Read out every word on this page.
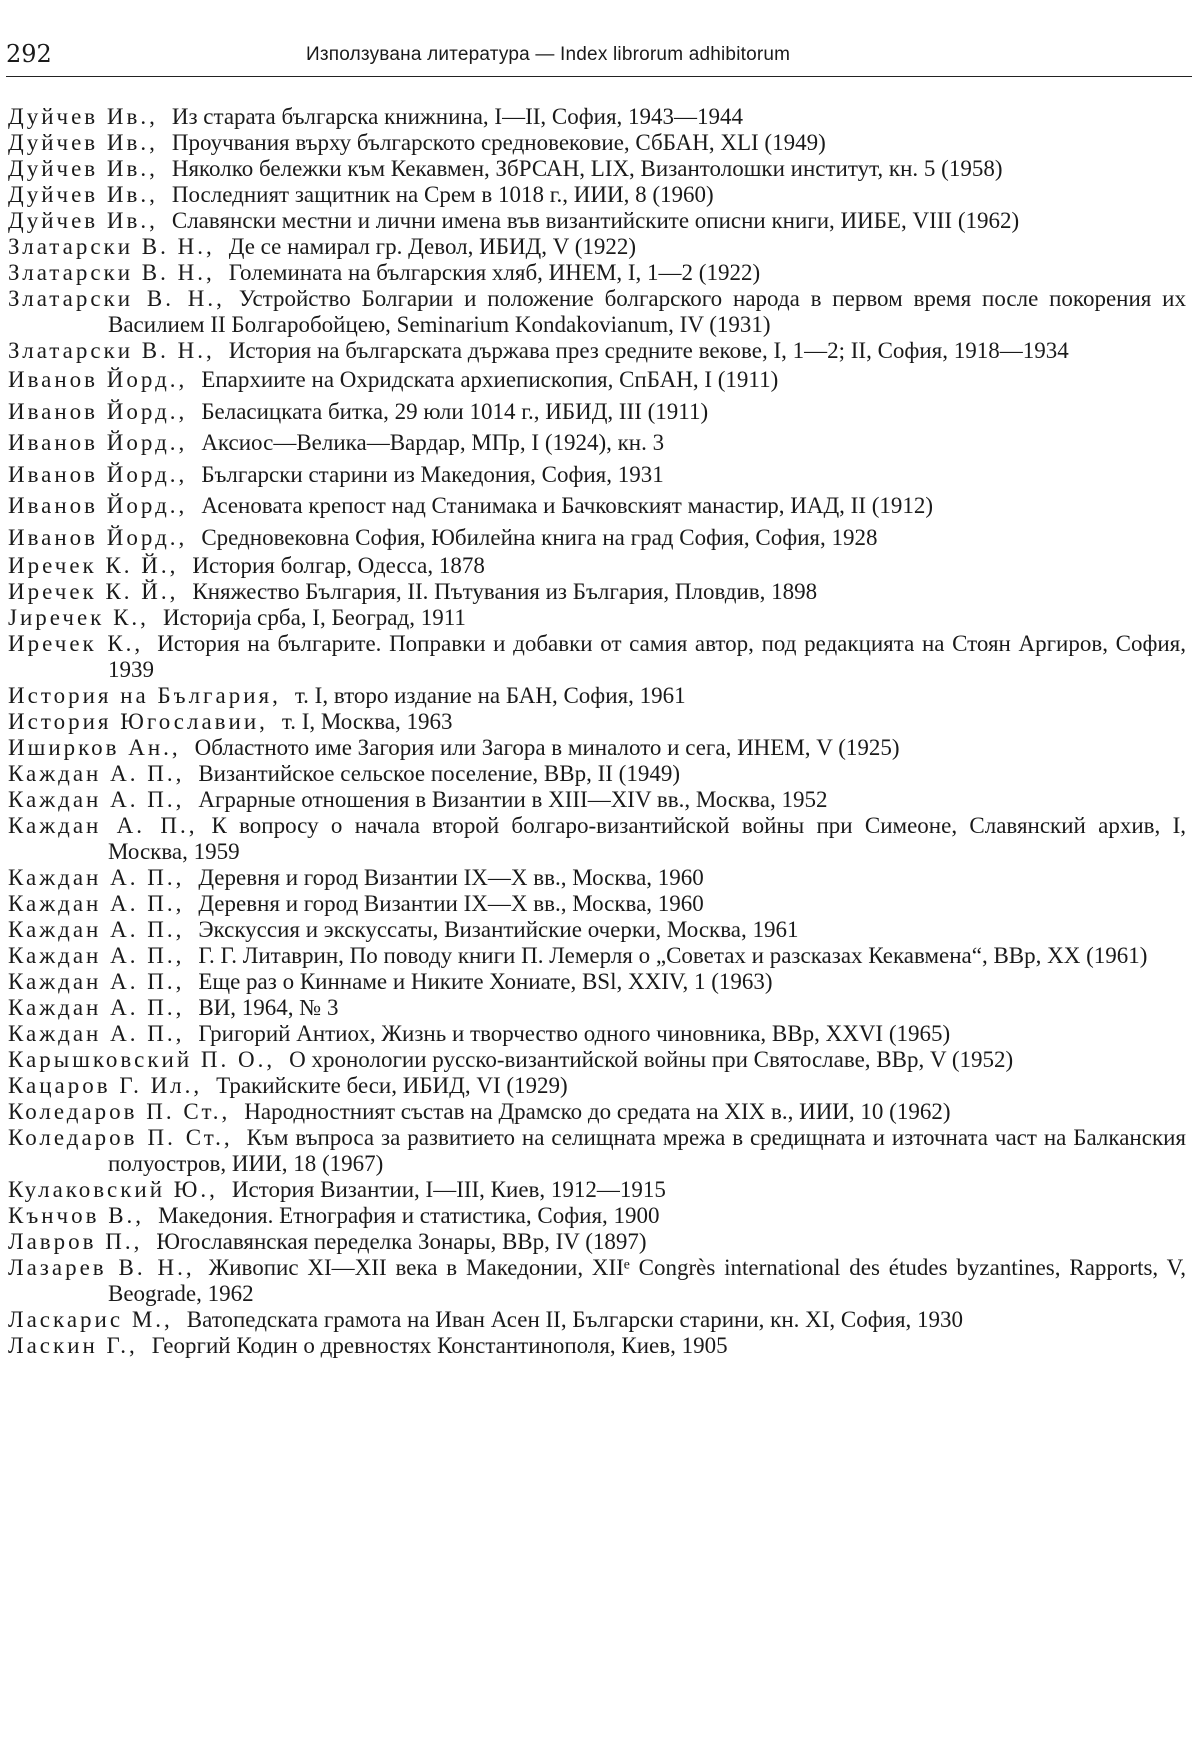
292	Използувана литература — Index librorum adhibitorum

Дуйчев Ив., Из старата българска книжнина, I—II, София, 1943—1944

Дуйчев Ив., Проучвания върху българското средновековие, СбБАН, XLI (1949)

Дуйчев Ив., Няколко бележки към Кекавмен, ЗбРСАН, LIX, Византолошки институт, кн. 5 (1958)

Дуйчев Ив., Последният защитник на Срем в 1018 г., ИИИ, 8 (1960)

Дуйчев Ив., Славянски местни и лични имена във византийските описни книги, ИИБЕ, VIII (1962)

Златарски В. Н., Де се намирал гр. Девол, ИБИД, V (1922)

Златарски В. Н., Големината на българския хляб, ИНЕМ, I, 1—2 (1922)

Златарски В. Н., Устройство Болгарии и положение болгарского народа в первом время после покорения их Василием II Болгаробойцею, Seminarium Kondakovianum, IV (1931)

Златарски В. Н., История на българската държава през средните векове, I, 1—2; II, София, 1918—1934

Иванов Йорд., Епархиите на Охридската архиепископия, СпБАН, I (1911)

Иванов Йорд., Беласицката битка, 29 юли 1014 г., ИБИД, III (1911)

Иванов Йорд., Аксиос—Велика—Вардар, МПр, I (1924), кн. 3

Иванов Йорд., Български старини из Македония, София, 1931

Иванов Йорд., Асеновата крепост над Станимака и Бачковският манастир, ИАД, II (1912)

Иванов Йорд., Средновековна София, Юбилейна книга на град София, София, 1928

Иречек К. Й., История болгар, Одесса, 1878

Иречек К. Й., Княжество България, II. Пътувания из България, Пловдив, 1898

Јиречек К., Историја срба, I, Београд, 1911

Иречек К., История на българите. Поправки и добавки от самия автор, под редакцията на Стоян Аргиров, София, 1939

История на България, т. I, второ издание на БАН, София, 1961

История Югославии, т. I, Москва, 1963

Иширков Ан., Областното име Загория или Загора в миналото и сега, ИНЕМ, V (1925)

Каждан А. П., Византийское сельское поселение, ВВр, II (1949)

Каждан А. П., Аграрные отношения в Византии в XIII—XIV вв., Москва, 1952

Каждан А. П., К вопросу о начала второй болгаро-византийской войны при Симеоне, Славянский архив, I, Москва, 1959

Каждан А. П., Деревня и город Византии IX—X вв., Москва, 1960

Каждан А. П., Деревня и город Византии IX—X вв., Москва, 1960

Каждан А. П., Экскуссия и экскуссаты, Византийские очерки, Москва, 1961

Каждан А. П., Г. Г. Литаврин, По поводу книги П. Лемерля о „Советах и разсказах Кекавмена“, ВВр, XX (1961)

Каждан А. П., Еще раз о Киннаме и Никите Хониате, BSl, XXIV, 1 (1963)

Каждан А. П., ВИ, 1964, № 3

Каждан А. П., Григорий Антиох, Жизнь и творчество одного чиновника, ВВр, XXVI (1965)

Карышковский П. О., О хронологии русско-византийской войны при Святославе, ВВр, V (1952)

Кацаров Г. Ил., Тракийските беси, ИБИД, VI (1929)

Коледаров П. Ст., Народностният състав на Драмско до средата на XIX в., ИИИ, 10 (1962)

Коледаров П. Ст., Към въпроса за развитието на селищната мрежа в средищната и източната част на Балканския полуостров, ИИИ, 18 (1967)

Кулаковский Ю., История Византии, I—III, Киев, 1912—1915

Кънчов В., Македония. Етнография и статистика, София, 1900

Лавров П., Югославянская переделка Зонары, ВВр, IV (1897)

Лазарев В. Н., Живопис XI—XII века в Македонии, XIIᵉ Congrès international des études byzantines, Rapports, V, Beograde, 1962

Ласкарис М., Ватопедската грамота на Иван Асен II, Български старини, кн. XI, София, 1930

Ласкин Г., Георгий Кодин о древностях Константинополя, Киев, 1905
